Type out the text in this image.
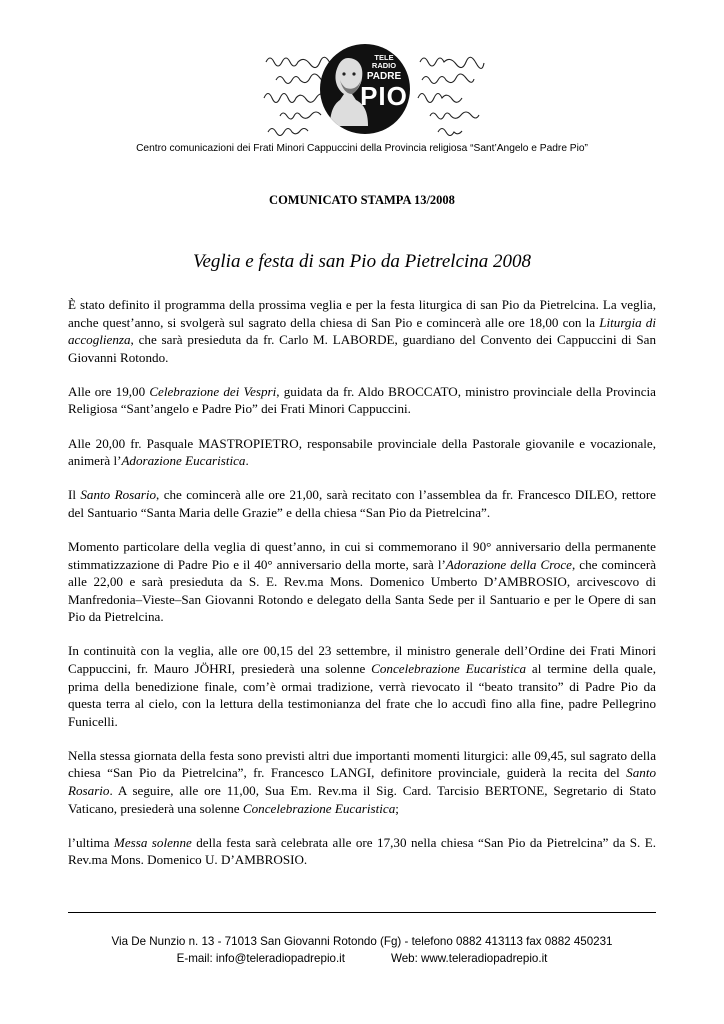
TELE
RADIO
PADRE
PIO
Centro comunicazioni dei Frati Minori Cappuccini della Provincia religiosa “Sant’Angelo e Padre Pio”
COMUNICATO STAMPA 13/2008
Veglia e festa di san Pio da Pietrelcina 2008

È stato definito il programma della prossima veglia e per la festa liturgica di san Pio da Pietrelcina. La veglia, anche quest’anno, si svolgerà sul sagrato della chiesa di San Pio e comincerà alle ore 18,00 con la Liturgia di accoglienza, che sarà presieduta da fr. Carlo M. LABORDE, guardiano del Convento dei Cappuccini di San Giovanni Rotondo.

Alle ore 19,00 Celebrazione dei Vespri, guidata da fr. Aldo BROCCATO, ministro provinciale della Provincia Religiosa “Sant’angelo e Padre Pio” dei Frati Minori Cappuccini.

Alle 20,00 fr. Pasquale MASTROPIETRO, responsabile provinciale della Pastorale giovanile e vocazionale, animerà l’Adorazione Eucaristica.

Il Santo Rosario, che comincerà alle ore 21,00, sarà recitato con l’assemblea da fr. Francesco DILEO, rettore del Santuario “Santa Maria delle Grazie” e della chiesa “San Pio da Pietrelcina”.

Momento particolare della veglia di quest’anno, in cui si commemorano il 90° anniversario della permanente stimmatizzazione di Padre Pio e il 40° anniversario della morte, sarà l’Adorazione della Croce, che comincerà alle 22,00 e sarà presieduta da S. E. Rev.ma Mons. Domenico Umberto D’AMBROSIO, arcivescovo di Manfredonia–Vieste–San Giovanni Rotondo e delegato della Santa Sede per il Santuario e per le Opere di san Pio da Pietrelcina.

In continuità con la veglia, alle ore 00,15 del 23 settembre, il ministro generale dell’Ordine dei Frati Minori Cappuccini, fr. Mauro JÖHRI, presiederà una solenne Concelebrazione Eucaristica al termine della quale, prima della benedizione finale, com’è ormai tradizione, verrà rievocato il “beato transito” di Padre Pio da questa terra al cielo, con la lettura della testimonianza del frate che lo accudì fino alla fine, padre Pellegrino Funicelli.

Nella stessa giornata della festa sono previsti altri due importanti momenti liturgici: alle 09,45, sul sagrato della chiesa “San Pio da Pietrelcina”, fr. Francesco LANGI, definitore provinciale, guiderà la recita del Santo Rosario. A seguire, alle ore 11,00, Sua Em. Rev.ma il Sig. Card. Tarcisio BERTONE, Segretario di Stato Vaticano, presiederà una solenne Concelebrazione Eucaristica;

l’ultima Messa solenne della festa sarà celebrata alle ore 17,30 nella chiesa “San Pio da Pietrelcina” da S. E. Rev.ma Mons. Domenico U. D’AMBROSIO.

Via De Nunzio n. 13 - 71013 San Giovanni Rotondo (Fg) - telefono 0882 413113 fax 0882 450231
E-mail: info@teleradiopadrepio.it	Web: www.teleradiopadrepio.it
